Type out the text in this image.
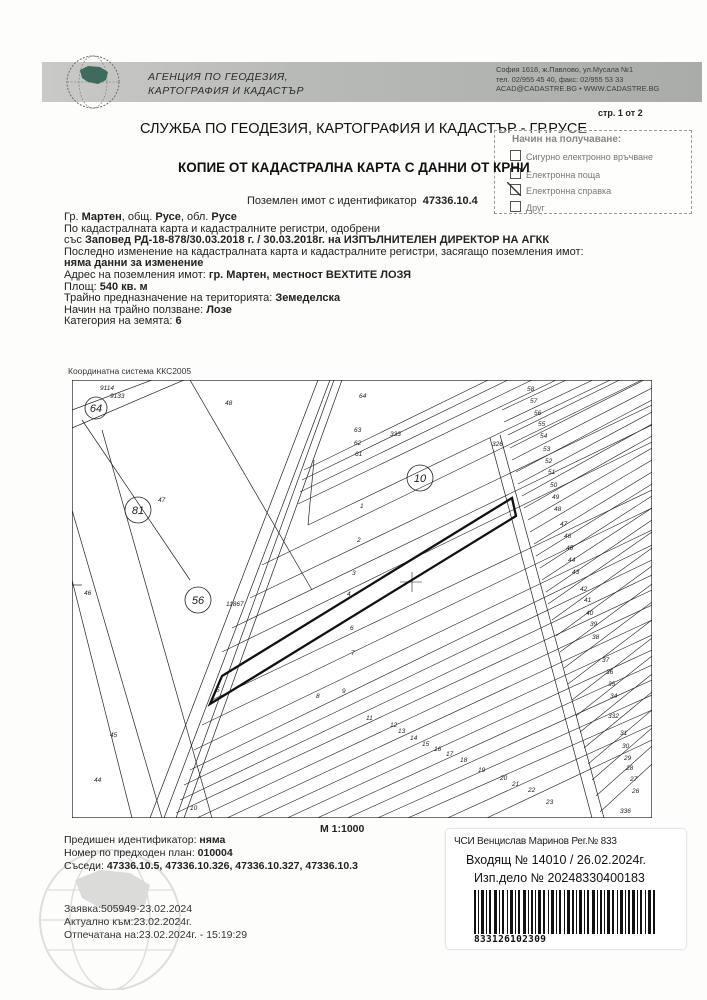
АГЕНЦИЯ ПО ГЕОДЕЗИЯ,
КАРТОГРАФИЯ И КАДАСТЪР
София 1618, ж.Павлово, ул.Мусала №1
тел. 02/955 45 40, факс: 02/955 53 33
ACAD@CADASTRE.BG • WWW.CADASTRE.BG
стр. 1 от 2
СЛУЖБА ПО ГЕОДЕЗИЯ, КАРТОГРАФИЯ И КАДАСТЪР - ГР.РУСЕ
Начин на получаване:
Сигурно електронно връчване
Електронна поща
Електронна справка
Друг
КОПИЕ ОТ КАДАСТРАЛНА КАРТА С ДАННИ ОТ КРНИ
Поземлен имот с идентификатор 47336.10.4
Гр. Мартен, общ. Русе, обл. Русе
По кадастралната карта и кадастралните регистри, одобрени
със Заповед РД-18-878/30.03.2018 г. / 30.03.2018г. на ИЗПЪЛНИТЕЛЕН ДИРЕКТОР НА АГКК
Последно изменение на кадастралната карта и кадастралните регистри, засягащо поземления имот:
няма данни за изменение
Адрес на поземления имот: гр. Мартен, местност ВЕХТИТЕ ЛОЗЯ
Площ: 540 кв. м
Трайно предназначение на територията: Земеделска
Начин на трайно ползване: Лозе
Категория на земята: 6
Координатна система ККС2005
64
81
56
10
9114
9133
48
64
63
62
61
333
326
1
2
3
4
6
7
8
9
11
12
13
14
15
16
17
18
19
20
21
22
23
47
46
45
44
10
11867
5
58
57
56
55
54
53
52
51
50
49
48
47
46
45
44
43
42
41
40
39
38
37
36
35
34
332
31
30
29
28
27
26
336
M 1:1000
Предишен идентификатор: няма
Номер по предходен план: 010004
Съседи: 47336.10.5, 47336.10.326, 47336.10.327, 47336.10.3
Заявка:505949-23.02.2024
Актуално към:23.02.2024г.
Отпечатана на:23.02.2024г. - 15:19:29
ЧСИ Венцислав Маринов Рег.№ 833
Входящ № 14010 / 26.02.2024г.
Изп.дело № 20248330400183
833126102309
